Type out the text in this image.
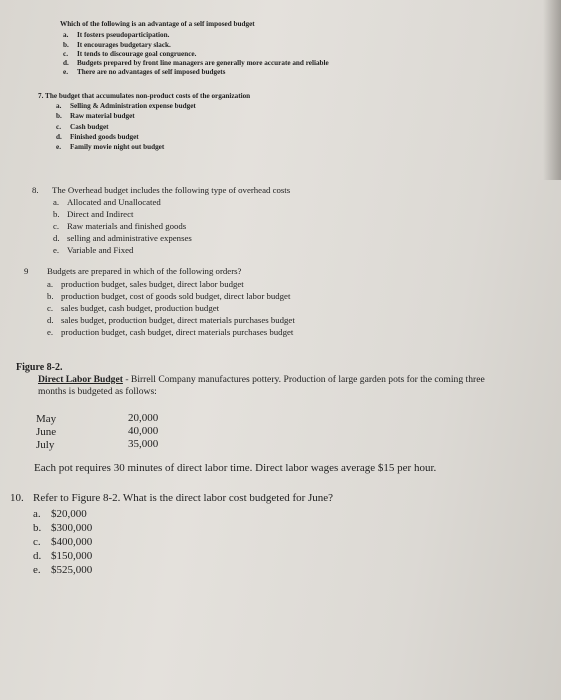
Which of the following is an advantage of a self imposed budget
a. It fosters pseudoparticipation.
b. It encourages budgetary slack.
c. It tends to discourage goal congruence.
d. Budgets prepared by front line managers are generally more accurate and reliable
e. There are no advantages of self imposed budgets
7. The budget that accumulates non-product costs of the organization
a. Selling & Administration expense budget
b. Raw material budget
c. Cash budget
d. Finished goods budget
e. Family movie night out budget
8. The Overhead budget includes the following type of overhead costs
a. Allocated and Unallocated
b. Direct and Indirect
c. Raw materials and finished goods
d. selling and administrative expenses
e. Variable and Fixed
9 Budgets are prepared in which of the following orders?
a. production budget, sales budget, direct labor budget
b. production budget, cost of goods sold budget, direct labor budget
c. sales budget, cash budget, production budget
d. sales budget, production budget, direct materials purchases budget
e. production budget, cash budget, direct materials purchases budget
Figure 8-2.
Direct Labor Budget - Birrell Company manufactures pottery. Production of large garden pots for the coming three
months is budgeted as follows:
May	20,000
June	40,000
July	35,000
Each pot requires 30 minutes of direct labor time. Direct labor wages average $15 per hour.
10. Refer to Figure 8-2. What is the direct labor cost budgeted for June?
a. $20,000
b. $300,000
c. $400,000
d. $150,000
e. $525,000
